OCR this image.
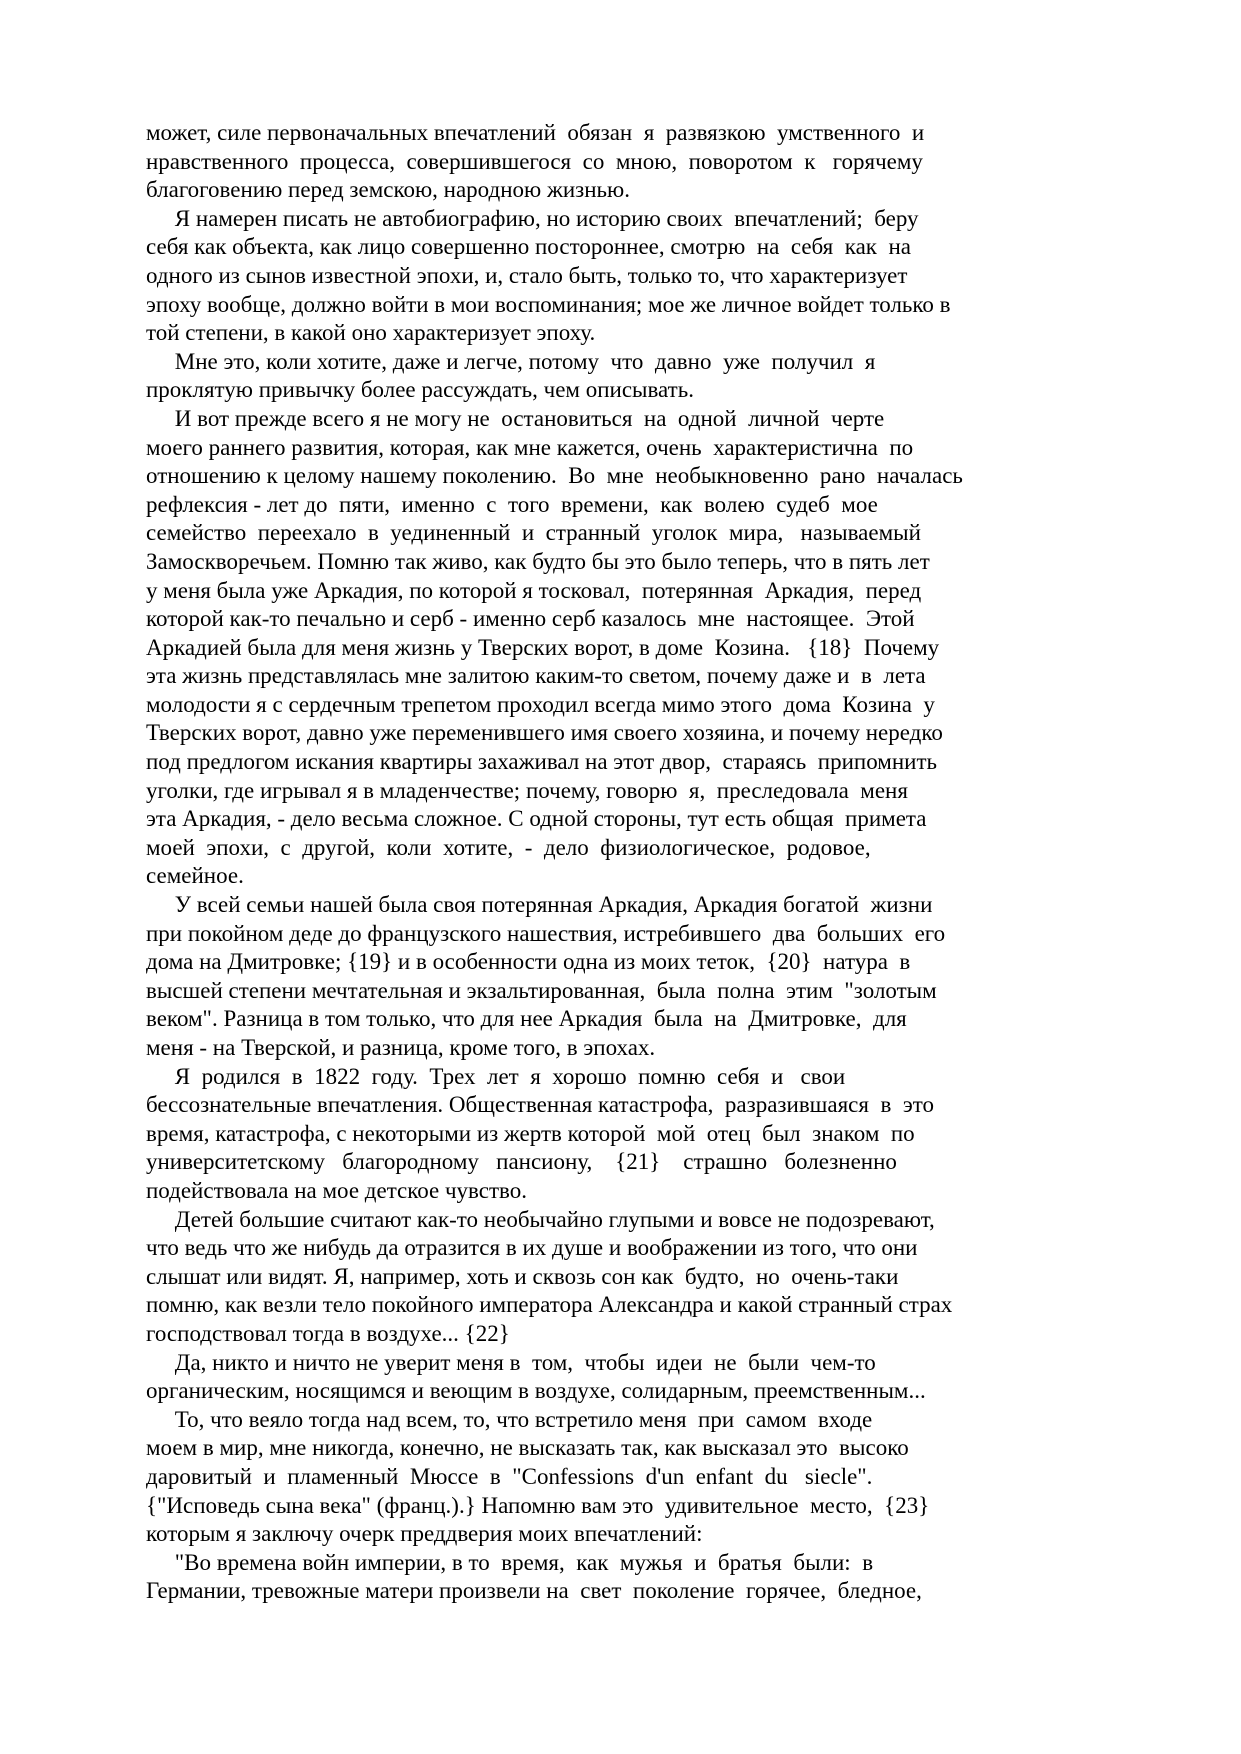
может, силе первоначальных впечатлений  обязан  я  развязкою  умственного  и
нравственного  процесса,  совершившегося  со  мною,  поворотом  к   горячему
благоговению перед земскою, народною жизнью.
Я намерен писать не автобиографию, но историю своих  впечатлений;  беру
себя как объекта, как лицо совершенно постороннее, смотрю  на  себя  как  на
одного из сынов известной эпохи, и, стало быть, только то, что характеризует
эпоху вообще, должно войти в мои воспоминания; мое же личное войдет только в
той степени, в какой оно характеризует эпоху.
Мне это, коли хотите, даже и легче, потому  что  давно  уже  получил  я
проклятую привычку более рассуждать, чем описывать.
И вот прежде всего я не могу не  остановиться  на  одной  личной  черте
моего раннего развития, которая, как мне кажется, очень  характеристична  по
отношению к целому нашему поколению.  Во  мне  необыкновенно  рано  началась
рефлексия - лет до  пяти,  именно  с  того  времени,  как  волею  судеб  мое
семейство  переехало  в  уединенный  и  странный  уголок  мира,   называемый
Замоскворечьем. Помню так живо, как будто бы это было теперь, что в пять лет
у меня была уже Аркадия, по которой я тосковал,  потерянная  Аркадия,  перед
которой как-то печально и серб - именно серб казалось  мне  настоящее.  Этой
Аркадией была для меня жизнь у Тверских ворот, в доме  Козина.   {18}  Почему
эта жизнь представлялась мне залитою каким-то светом, почему даже и  в  лета
молодости я с сердечным трепетом проходил всегда мимо этого  дома  Козина  у
Тверских ворот, давно уже переменившего имя своего хозяина, и почему нередко
под предлогом искания квартиры захаживал на этот двор,  стараясь  припомнить
уголки, где игрывал я в младенчестве; почему, говорю  я,  преследовала  меня
эта Аркадия, - дело весьма сложное. С одной стороны, тут есть общая  примета
моей  эпохи,  с  другой,  коли  хотите,  -  дело  физиологическое,  родовое,
семейное.
У всей семьи нашей была своя потерянная Аркадия, Аркадия богатой  жизни
при покойном деде до французского нашествия, истребившего  два  больших  его
дома на Дмитровке; {19} и в особенности одна из моих теток,  {20}  натура  в
высшей степени мечтательная и экзальтированная,  была  полна  этим  "золотым
веком". Разница в том только, что для нее Аркадия  была  на  Дмитровке,  для
меня - на Тверской, и разница, кроме того, в эпохах.
Я  родился  в  1822  году.  Трех  лет  я  хорошо  помню  себя  и   свои
бессознательные впечатления. Общественная катастрофа,  разразившаяся  в  это
время, катастрофа, с некоторыми из жертв которой  мой  отец  был  знаком  по
университетскому   благородному   пансиону,    {21}    страшно   болезненно
подействовала на мое детское чувство.
Детей большие считают как-то необычайно глупыми и вовсе не подозревают,
что ведь что же нибудь да отразится в их душе и воображении из того, что они
слышат или видят. Я, например, хоть и сквозь сон как  будто,  но  очень-таки
помню, как везли тело покойного императора Александра и какой странный страх
господствовал тогда в воздухе... {22}
Да, никто и ничто не уверит меня в  том,  чтобы  идеи  не  были  чем-то
органическим, носящимся и веющим в воздухе, солидарным, преемственным...
То, что веяло тогда над всем, то, что встретило меня  при  самом  входе
моем в мир, мне никогда, конечно, не высказать так, как высказал это  высоко
даровитый  и  пламенный  Мюссе  в  "Confessions  d'un  enfant  du   siecle".
{"Исповедь сына века" (франц.).} Напомню вам это  удивительное  место,  {23}
которым я заключу очерк преддверия моих впечатлений:
"Во времена войн империи, в то  время,  как  мужья  и  братья  были:  в
Германии, тревожные матери произвели на  свет  поколение  горячее,  бледное,
